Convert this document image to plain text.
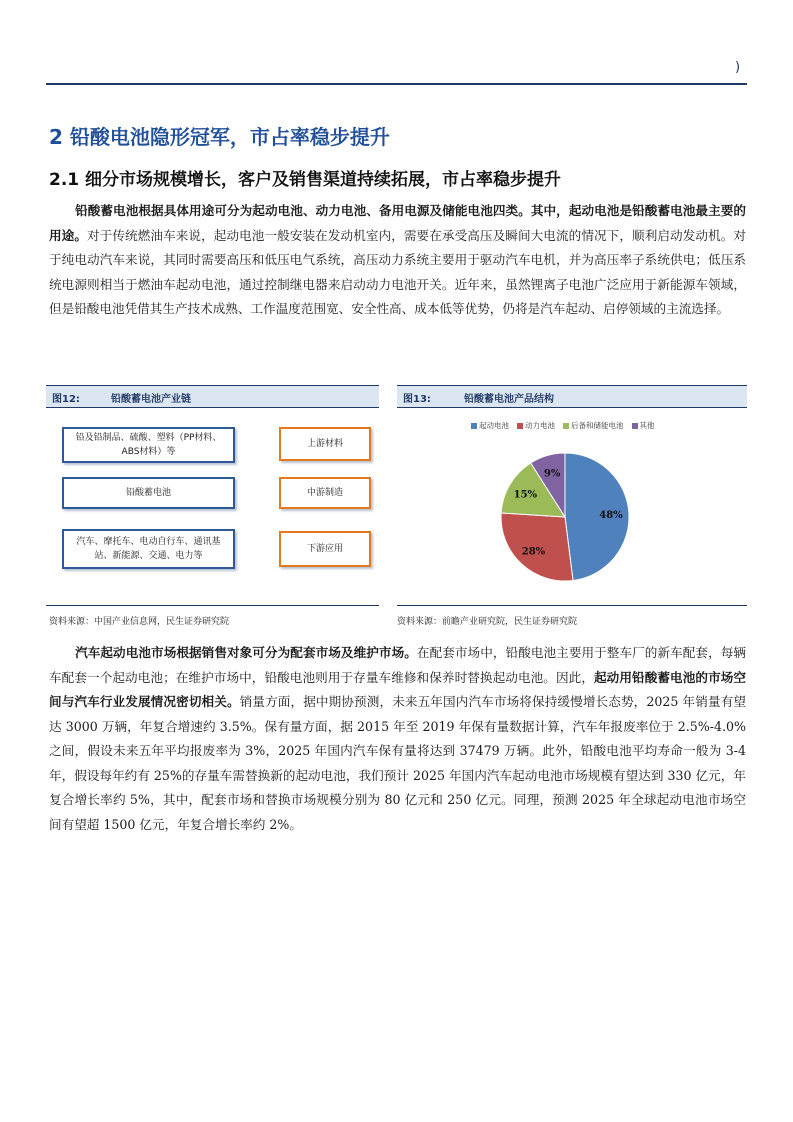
)
2 铅酸电池隐形冠军，市占率稳步提升
2.1 细分市场规模增长，客户及销售渠道持续拓展，市占率稳步提升
铅酸蓄电池根据具体用途可分为起动电池、动力电池、备用电源及储能电池四类。其中，起动电池是铅酸蓄电池最主要的用途。对于传统燃油车来说，起动电池一般安装在发动机室内，需要在承受高压及瞬间大电流的情况下，顺利启动发动机。对于纯电动汽车来说，其同时需要高压和低压电气系统，高压动力系统主要用于驱动汽车电机，并为高压率子系统供电；低压系统电源则相当于燃油车起动电池，通过控制继电器来启动动力电池开关。近年来，虽然锂离子电池广泛应用于新能源车领域，但是铅酸电池凭借其生产技术成熟、工作温度范围宽、安全性高、成本低等优势，仍将是汽车起动、启停领域的主流选择。
图12:	铅酸蓄电池产业链
铅及铅制品、硫酸、塑料（PP材料、ABS材料）等
铅酸蓄电池
汽车、摩托车、电动自行车、通讯基站、新能源、交通、电力等
上游材料
中游制造
下游应用
图13:	铅酸蓄电池产品结构
起动电池 动力电池 后备和储能电池 其他
48%
28%
15%
9%
资料来源：中国产业信息网，民生证券研究院	资料来源：前瞻产业研究院，民生证券研究院
汽车起动电池市场根据销售对象可分为配套市场及维护市场。在配套市场中，铅酸电池主要用于整车厂的新车配套，每辆车配套一个起动电池；在维护市场中，铅酸电池则用于存量车维修和保养时替换起动电池。因此，起动用铅酸蓄电池的市场空间与汽车行业发展情况密切相关。销量方面，据中期协预测，未来五年国内汽车市场将保持缓慢增长态势，2025 年销量有望达 3000 万辆，年复合增速约 3.5%。保有量方面，据 2015 年至 2019 年保有量数据计算，汽车年报废率位于 2.5%-4.0%之间，假设未来五年平均报废率为 3%，2025 年国内汽车保有量将达到 37479 万辆。此外，铅酸电池平均寿命一般为 3-4 年，假设每年约有 25%的存量车需替换新的起动电池，我们预计 2025 年国内汽车起动电池市场规模有望达到 330 亿元，年复合增长率约 5%，其中，配套市场和替换市场规模分别为 80 亿元和 250 亿元。同理，预测 2025 年全球起动电池市场空间有望超 1500 亿元，年复合增长率约 2%。
